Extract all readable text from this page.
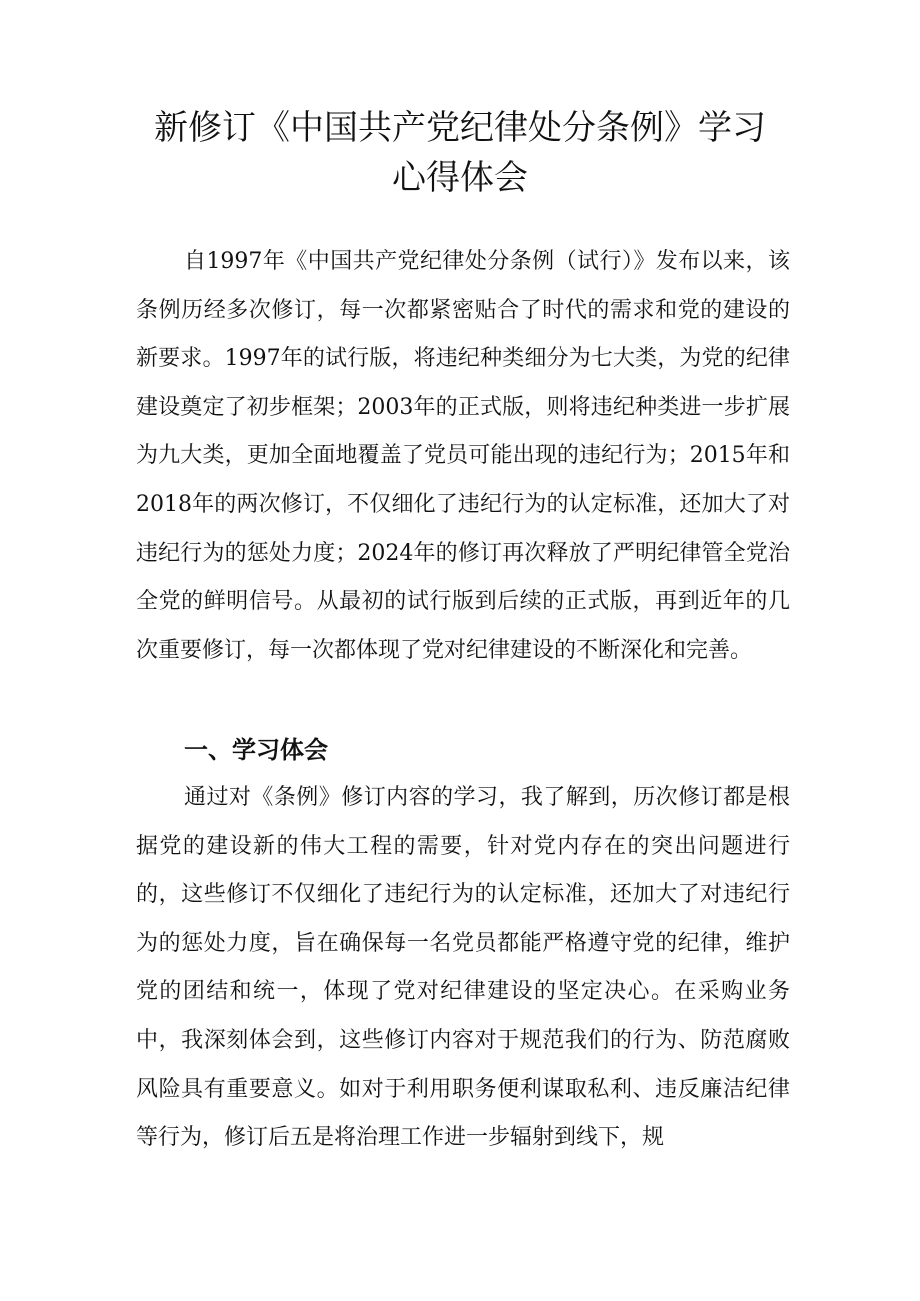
新修订《中国共产党纪律处分条例》学习
心得体会

自1997年《中国共产党纪律处分条例（试行）》发布以来，该条例历经多次修订，每一次都紧密贴合了时代的需求和党的建设的新要求。1997年的试行版，将违纪种类细分为七大类，为党的纪律建设奠定了初步框架；2003年的正式版，则将违纪种类进一步扩展为九大类，更加全面地覆盖了党员可能出现的违纪行为；2015年和2018年的两次修订，不仅细化了违纪行为的认定标准，还加大了对违纪行为的惩处力度；2024年的修订再次释放了严明纪律管全党治全党的鲜明信号。从最初的试行版到后续的正式版，再到近年的几次重要修订，每一次都体现了党对纪律建设的不断深化和完善。

一、学习体会

通过对《条例》修订内容的学习，我了解到，历次修订都是根据党的建设新的伟大工程的需要，针对党内存在的突出问题进行的，这些修订不仅细化了违纪行为的认定标准，还加大了对违纪行为的惩处力度，旨在确保每一名党员都能严格遵守党的纪律，维护党的团结和统一，体现了党对纪律建设的坚定决心。在采购业务中，我深刻体会到，这些修订内容对于规范我们的行为、防范腐败风险具有重要意义。如对于利用职务便利谋取私利、违反廉洁纪律等行为，修订后五是将治理工作进一步辐射到线下，规
